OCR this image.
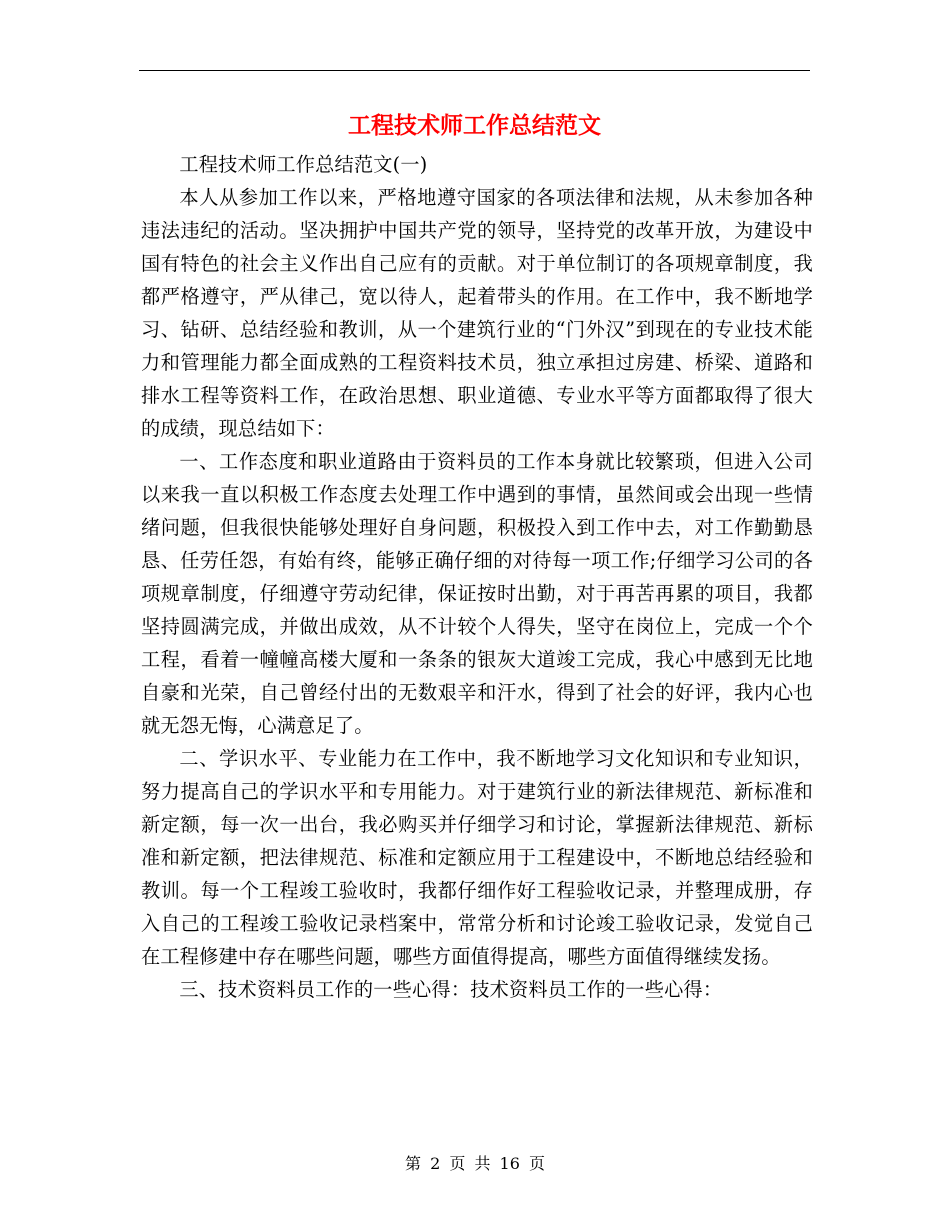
工程技术师工作总结范文

工程技术师工作总结范文(一)

本人从参加工作以来，严格地遵守国家的各项法律和法规，从未参加各种违法违纪的活动。坚决拥护中国共产党的领导，坚持党的改革开放，为建设中国有特色的社会主义作出自己应有的贡献。对于单位制订的各项规章制度，我都严格遵守，严从律己，宽以待人，起着带头的作用。在工作中，我不断地学习、钻研、总结经验和教训，从一个建筑行业的“门外汉”到现在的专业技术能力和管理能力都全面成熟的工程资料技术员，独立承担过房建、桥梁、道路和排水工程等资料工作，在政治思想、职业道德、专业水平等方面都取得了很大的成绩，现总结如下：

一、工作态度和职业道路由于资料员的工作本身就比较繁琐，但进入公司以来我一直以积极工作态度去处理工作中遇到的事情，虽然间或会出现一些情绪问题，但我很快能够处理好自身问题，积极投入到工作中去，对工作勤勤恳恳、任劳任怨，有始有终，能够正确仔细的对待每一项工作;仔细学习公司的各项规章制度，仔细遵守劳动纪律，保证按时出勤，对于再苦再累的项目，我都坚持圆满完成，并做出成效，从不计较个人得失，坚守在岗位上，完成一个个工程，看着一幢幢高楼大厦和一条条的银灰大道竣工完成，我心中感到无比地自豪和光荣，自己曾经付出的无数艰辛和汗水，得到了社会的好评，我内心也就无怨无悔，心满意足了。

二、学识水平、专业能力在工作中，我不断地学习文化知识和专业知识，努力提高自己的学识水平和专用能力。对于建筑行业的新法律规范、新标准和新定额，每一次一出台，我必购买并仔细学习和讨论，掌握新法律规范、新标准和新定额，把法律规范、标准和定额应用于工程建设中，不断地总结经验和教训。每一个工程竣工验收时，我都仔细作好工程验收记录，并整理成册，存入自己的工程竣工验收记录档案中，常常分析和讨论竣工验收记录，发觉自己在工程修建中存在哪些问题，哪些方面值得提高，哪些方面值得继续发扬。

三、技术资料员工作的一些心得：技术资料员工作的一些心得：

第 2 页 共 16 页
